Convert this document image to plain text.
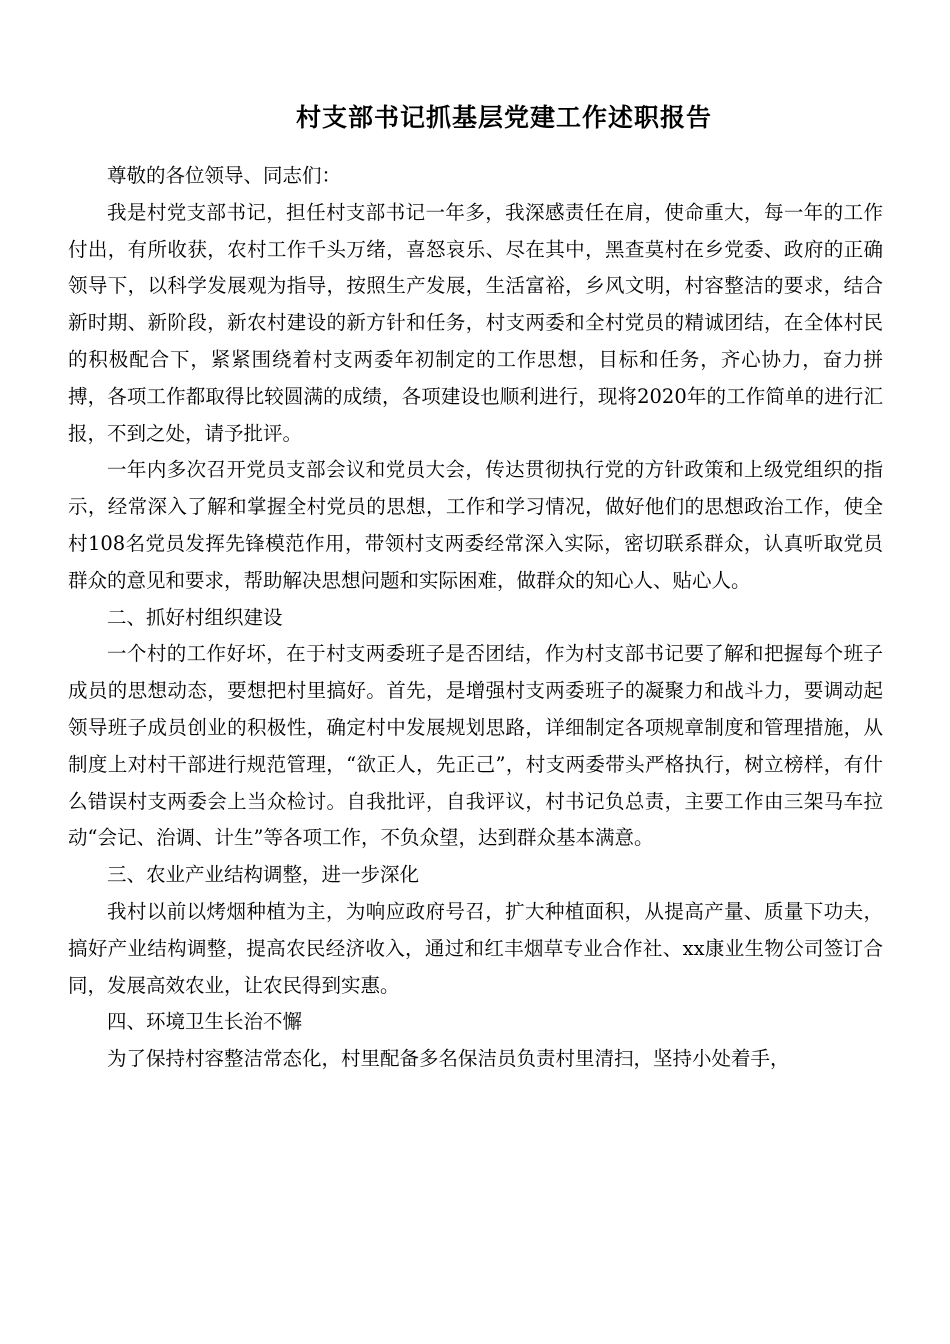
村支部书记抓基层党建工作述职报告

尊敬的各位领导、同志们：

我是村党支部书记，担任村支部书记一年多，我深感责任在肩，使命重大，每一年的工作付出，有所收获，农村工作千头万绪，喜怒哀乐、尽在其中，黑查莫村在乡党委、政府的正确领导下，以科学发展观为指导，按照生产发展，生活富裕，乡风文明，村容整洁的要求，结合新时期、新阶段，新农村建设的新方针和任务，村支两委和全村党员的精诚团结，在全体村民的积极配合下，紧紧围绕着村支两委年初制定的工作思想，目标和任务，齐心协力，奋力拼搏，各项工作都取得比较圆满的成绩，各项建设也顺利进行，现将2020年的工作简单的进行汇报，不到之处，请予批评。

一年内多次召开党员支部会议和党员大会，传达贯彻执行党的方针政策和上级党组织的指示，经常深入了解和掌握全村党员的思想，工作和学习情况，做好他们的思想政治工作，使全村108名党员发挥先锋模范作用，带领村支两委经常深入实际，密切联系群众，认真听取党员群众的意见和要求，帮助解决思想问题和实际困难，做群众的知心人、贴心人。

二、抓好村组织建设

一个村的工作好坏，在于村支两委班子是否团结，作为村支部书记要了解和把握每个班子成员的思想动态，要想把村里搞好。首先，是增强村支两委班子的凝聚力和战斗力，要调动起领导班子成员创业的积极性，确定村中发展规划思路，详细制定各项规章制度和管理措施，从制度上对村干部进行规范管理，“欲正人，先正己”，村支两委带头严格执行，树立榜样，有什么错误村支两委会上当众检讨。自我批评，自我评议，村书记负总责，主要工作由三架马车拉动“会记、治调、计生”等各项工作，不负众望，达到群众基本满意。

三、农业产业结构调整，进一步深化

我村以前以烤烟种植为主，为响应政府号召，扩大种植面积，从提高产量、质量下功夫，搞好产业结构调整，提高农民经济收入，通过和红丰烟草专业合作社、xx康业生物公司签订合同，发展高效农业，让农民得到实惠。

四、环境卫生长治不懈

为了保持村容整洁常态化，村里配备多名保洁员负责村里清扫，坚持小处着手，
